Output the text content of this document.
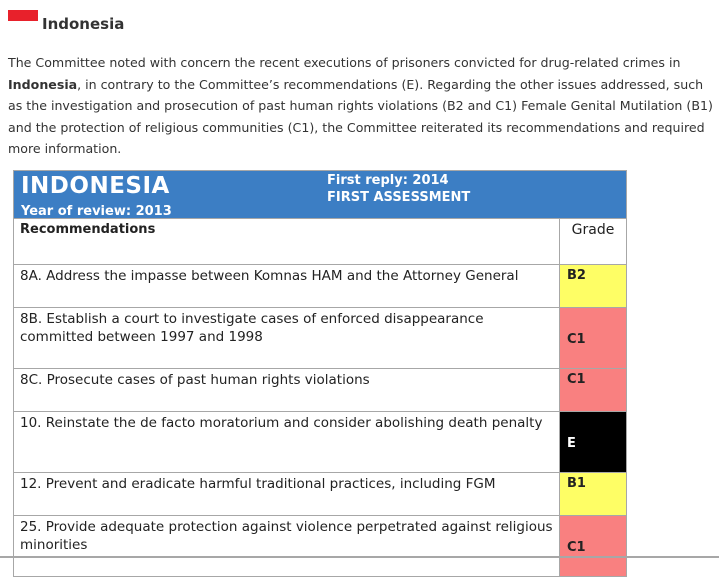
Indonesia

The Committee noted with concern the recent executions of prisoners convicted for drug-related crimes in Indonesia, in contrary to the Committee’s recommendations (E). Regarding the other issues addressed, such as the investigation and prosecution of past human rights violations (B2 and C1) Female Genital Mutilation (B1) and the protection of religious communities (C1), the Committee reiterated its recommendations and required more information.

INDONESIA
Year of review: 2013
First reply: 2014
FIRST ASSESSMENT	

Recommendations	Grade
8A. Address the impasse between Komnas HAM and the Attorney General	B2
8B. Establish a court to investigate cases of enforced disappearance committed between 1997 and 1998	C1
8C. Prosecute cases of past human rights violations	C1
10. Reinstate the de facto moratorium and consider abolishing death penalty	E
12. Prevent and eradicate harmful traditional practices, including FGM	B1
25. Provide adequate protection against violence perpetrated against religious minorities	C1
